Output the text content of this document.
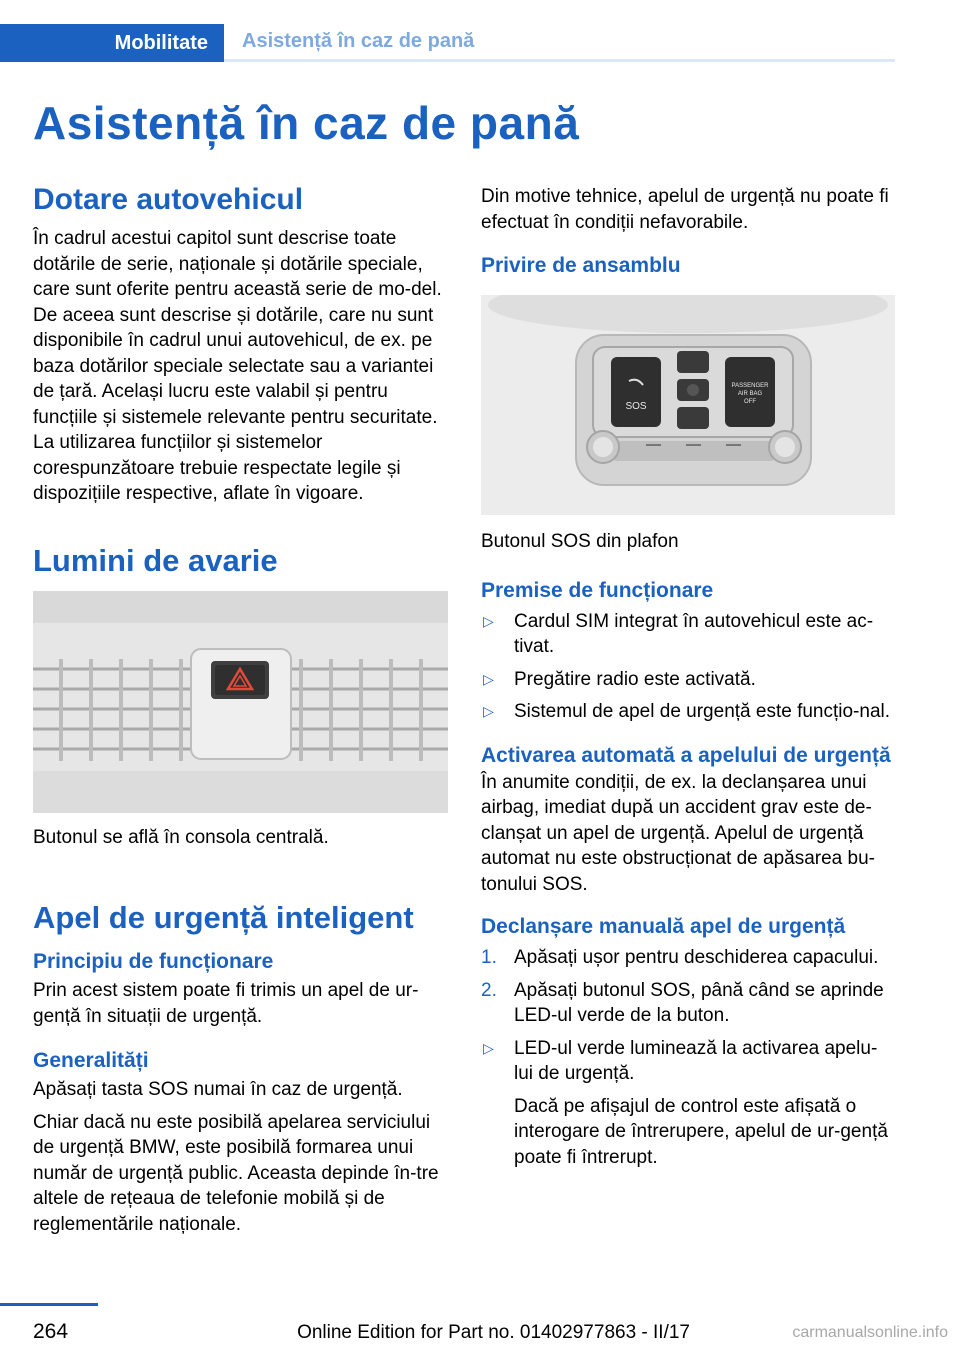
Mobilitate	Asistență în caz de pană
Asistență în caz de pană
Dotare autovehicul

În cadrul acestui capitol sunt descrise toate dotările de serie, naționale și dotările speciale, care sunt oferite pentru această serie de mo-del. De aceea sunt descrise și dotările, care nu sunt disponibile în cadrul unui autovehicul, de ex. pe baza dotărilor speciale selectate sau a variantei de țară. Același lucru este valabil și pentru funcțiile și sistemele relevante pentru securitate. La utilizarea funcțiilor și sistemelor corespunzătoare trebuie respectate legile și dispozițiile respective, aflate în vigoare.

Lumini de avarie

Butonul se află în consola centrală.

Apel de urgență inteligent
Principiu de funcționare

Prin acest sistem poate fi trimis un apel de ur-gență în situații de urgență.

Generalități

Apăsați tasta SOS numai în caz de urgență.

Chiar dacă nu este posibilă apelarea serviciului de urgență BMW, este posibilă formarea unui număr de urgență public. Aceasta depinde în-tre altele de rețeaua de telefonie mobilă și de reglementările naționale.

Din motive tehnice, apelul de urgență nu poate fi efectuat în condiții nefavorabile.

Privire de ansamblu
SOS
PASSENGER
AIR BAG
OFF

Butonul SOS din plafon

Premise de funcționare
▷ Cardul SIM integrat în autovehicul este ac-tivat.
▷ Pregătire radio este activată.
▷ Sistemul de apel de urgență este funcțio-nal.
Activarea automată a apelului de urgență

În anumite condiții, de ex. la declanșarea unui airbag, imediat după un accident grav este de-clanșat un apel de urgență. Apelul de urgență automat nu este obstrucționat de apăsarea bu-tonului SOS.

Declanșare manuală apel de urgență
1. Apăsați ușor pentru deschiderea capacului.
2. Apăsați butonul SOS, până când se aprinde LED-ul verde de la buton.
▷ LED-ul verde luminează la activarea apelu-lui de urgență.

Dacă pe afișajul de control este afișată o interogare de întrerupere, apelul de ur-gență poate fi întrerupt.

264	Online Edition for Part no. 01402977863 - II/17	carmanualsonline.info
